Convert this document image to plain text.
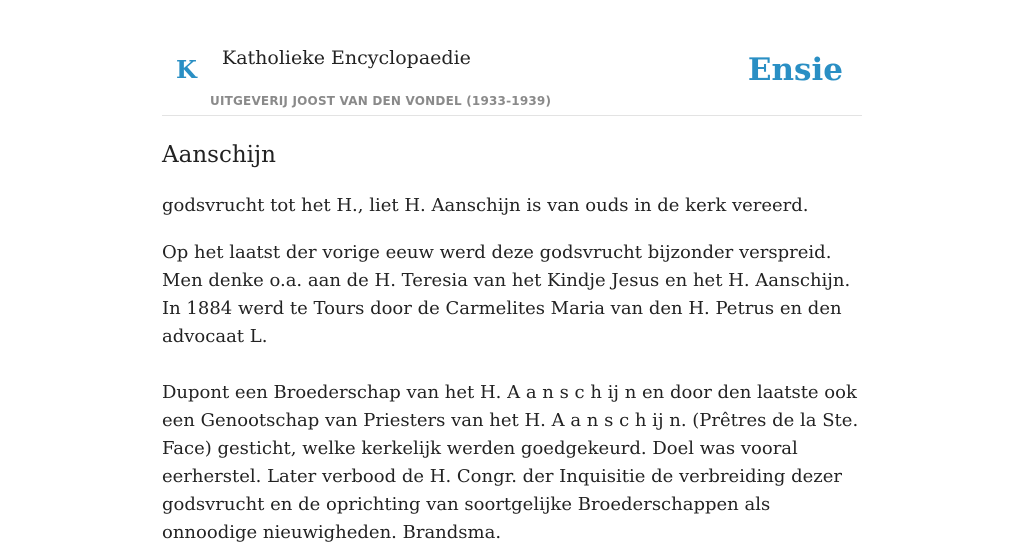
K Katholieke Encyclopaedie
UITGEVERIJ JOOST VAN DEN VONDEL (1933-1939)
Ensie
Aanschijn

godsvrucht tot het H., liet H. Aanschijn is van ouds in de kerk vereerd.

Op het laatst der vorige eeuw werd deze godsvrucht bijzonder verspreid. Men denke o.a. aan de H. Teresia van het Kindje Jesus en het H. Aanschijn. In 1884 werd te Tours door de Carmelites Maria van den H. Petrus en den advocaat L.

Dupont een Broederschap van het H. A a n s c h ij n en door den laatste ook een Genootschap van Priesters van het H. A a n s c h ij n. (Prêtres de la Ste. Face) gesticht, welke kerkelijk werden goedgekeurd. Doel was vooral eerherstel. Later verbood de H. Congr. der Inquisitie de verbreiding dezer godsvrucht en de oprichting van soortgelijke Broederschappen als onnoodige nieuwigheden. Brandsma.
